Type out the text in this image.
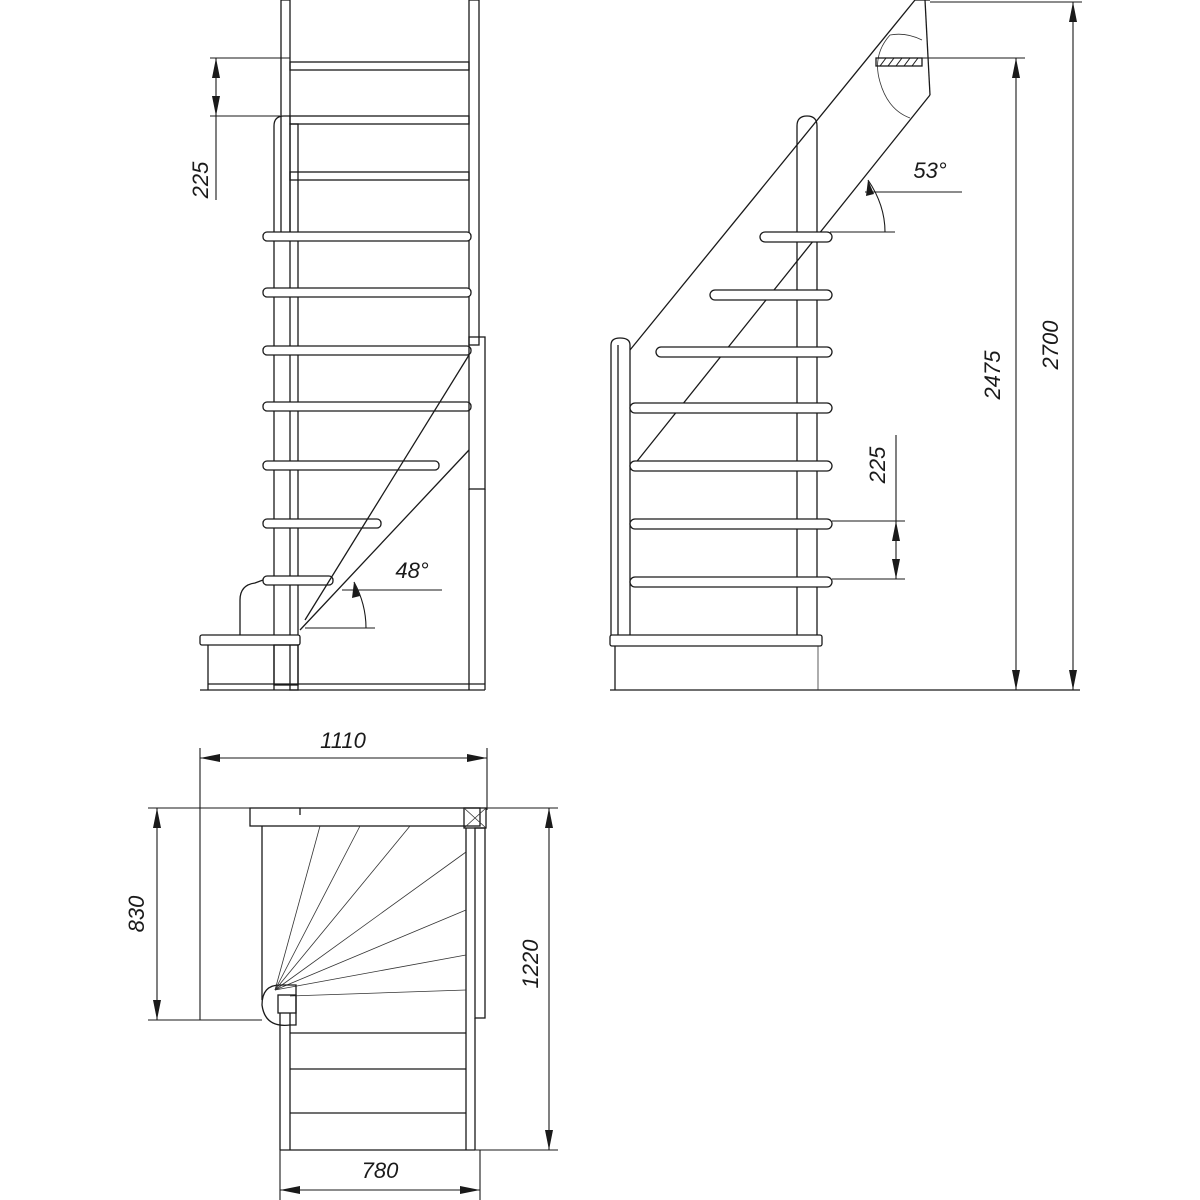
225
48°
53°
225
2475
2700
1110
830
1220
780
